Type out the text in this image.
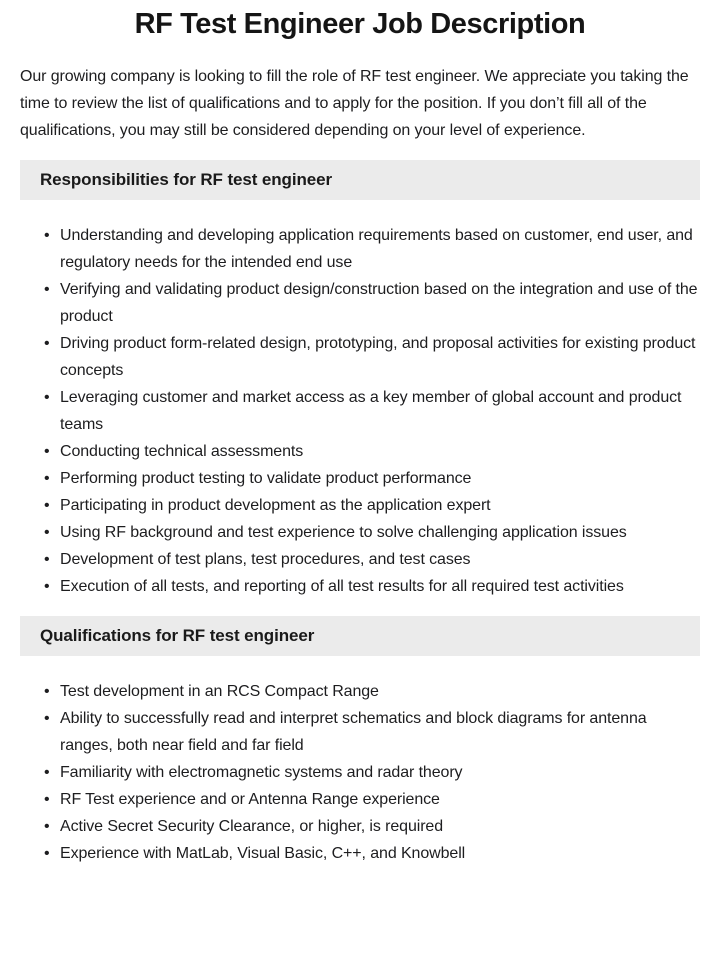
RF Test Engineer Job Description

Our growing company is looking to fill the role of RF test engineer. We appreciate you taking the time to review the list of qualifications and to apply for the position. If you don’t fill all of the qualifications, you may still be considered depending on your level of experience.

Responsibilities for RF test engineer
• Understanding and developing application requirements based on customer, end user, and regulatory needs for the intended end use
• Verifying and validating product design/construction based on the integration and use of the product
• Driving product form-related design, prototyping, and proposal activities for existing product concepts
• Leveraging customer and market access as a key member of global account and product teams
• Conducting technical assessments
• Performing product testing to validate product performance
• Participating in product development as the application expert
• Using RF background and test experience to solve challenging application issues
• Development of test plans, test procedures, and test cases
• Execution of all tests, and reporting of all test results for all required test activities
Qualifications for RF test engineer
• Test development in an RCS Compact Range
• Ability to successfully read and interpret schematics and block diagrams for antenna ranges, both near field and far field
• Familiarity with electromagnetic systems and radar theory
• RF Test experience and or Antenna Range experience
• Active Secret Security Clearance, or higher, is required
• Experience with MatLab, Visual Basic, C++, and Knowbell
